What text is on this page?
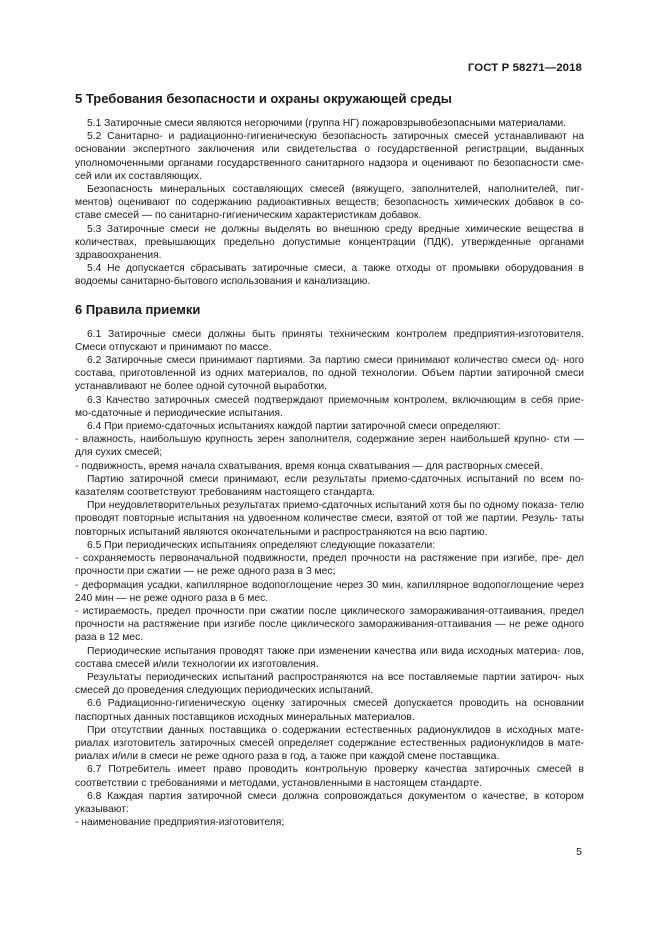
ГОСТ Р 58271—2018
5 Требования безопасности и охраны окружающей среды

5.1 Затирочные смеси являются негорючими (группа НГ) пожаровзрывобезопасными материалами.

5.2 Санитарно- и радиационно-гигиеническую безопасность затирочных смесей устанавливают на основании экспертного заключения или свидетельства о государственной регистрации, выданных уполномоченными органами государственного санитарного надзора и оценивают по безопасности сме- сей или их составляющих.

Безопасность минеральных составляющих смесей (вяжущего, заполнителей, наполнителей, пиг- ментов) оценивают по содержанию радиоактивных веществ; безопасность химических добавок в со- ставе смесей — по санитарно-гигиеническим характеристикам добавок.

5.3 Затирочные смеси не должны выделять во внешнюю среду вредные химические вещества в количествах, превышающих предельно допустимые концентрации (ПДК), утвержденные органами здравоохранения.

5.4 Не допускается сбрасывать затирочные смеси, а также отходы от промывки оборудования в водоемы санитарно-бытового использования и канализацию.

6 Правила приемки

6.1 Затирочные смеси должны быть приняты техническим контролем предприятия-изготовителя. Смеси отпускают и принимают по массе.

6.2 Затирочные смеси принимают партиями. За партию смеси принимают количество смеси од- ного состава, приготовленной из одних материалов, по одной технологии. Объем партии затирочной смеси устанавливают не более одной суточной выработки.

6.3 Качество затирочных смесей подтверждают приемочным контролем, включающим в себя прие- мо-сдаточные и периодические испытания.

6.4 При приемо-сдаточных испытаниях каждой партии затирочной смеси определяют:

- влажность, наибольшую крупность зерен заполнителя, содержание зерен наибольшей крупно- сти — для сухих смесей;

- подвижность, время начала схватывания, время конца схватывания — для растворных смесей.

Партию затирочной смеси принимают, если результаты приемо-сдаточных испытаний по всем по- казателям соответствуют требованиям настоящего стандарта.

При неудовлетворительных результатах приемо-сдаточных испытаний хотя бы по одному показа- телю проводят повторные испытания на удвоенном количестве смеси, взятой от той же партии. Резуль- таты повторных испытаний являются окончательными и распространяются на всю партию.

6.5 При периодических испытаниях определяют следующие показатели:

- сохраняемость первоначальной подвижности, предел прочности на растяжение при изгибе, пре- дел прочности при сжатии — не реже одного раза в 3 мес;

- деформация усадки, капиллярное водопоглощение через 30 мин, капиллярное водопоглощение через 240 мин — не реже одного раза в 6 мес.

- истираемость, предел прочности при сжатии после циклического замораживания-оттаивания, предел прочности на растяжение при изгибе после циклического замораживания-оттаивания — не реже одного раза в 12 мес.

Периодические испытания проводят также при изменении качества или вида исходных материа- лов, состава смесей и/или технологии их изготовления.

Результаты периодических испытаний распространяются на все поставляемые партии затироч- ных смесей до проведения следующих периодических испытаний.

6.6 Радиационно-гигиеническую оценку затирочных смесей допускается проводить на основании паспортных данных поставщиков исходных минеральных материалов.

При отсутствии данных поставщика о содержании естественных радионуклидов в исходных мате- риалах изготовитель затирочных смесей определяет содержание естественных радионуклидов в мате- риалах и/или в смеси не реже одного раза в год, а также при каждой смене поставщика.

6.7 Потребитель имеет право проводить контрольную проверку качества затирочных смесей в соответствии с требованиями и методами, установленными в настоящем стандарте.

6.8 Каждая партия затирочной смеси должна сопровождаться документом о качестве, в котором указывают:

- наименование предприятия-изготовителя;

5
